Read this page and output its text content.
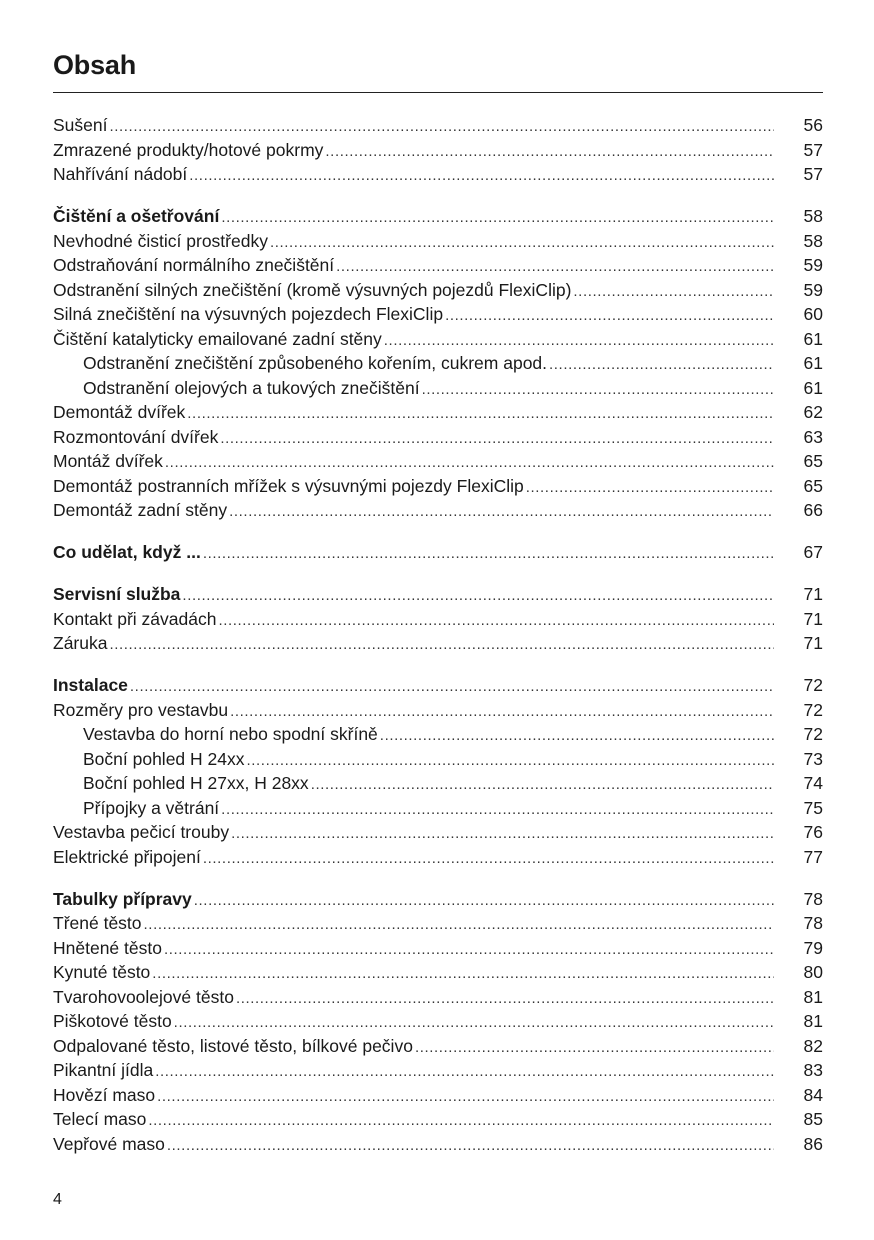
Obsah
Sušení .....	56
Zmrazené produkty/hotové pokrmy .....	57
Nahřívání nádobí .....	57
Čištění a ošetřování .....	58
Nevhodné čisticí prostředky .....	58
Odstraňování normálního znečištění .....	59
Odstranění silných znečištění (kromě výsuvných pojezdů FlexiClip) .....	59
Silná znečištění na výsuvných pojezdech FlexiClip .....	60
Čištění katalyticky emailované zadní stěny .....	61
Odstranění znečištění způsobeného kořením, cukrem apod. .....	61
Odstranění olejových a tukových znečištění .....	61
Demontáž dvířek .....	62
Rozmontování dvířek .....	63
Montáž dvířek .....	65
Demontáž postranních mřížek s výsuvnými pojezdy FlexiClip .....	65
Demontáž zadní stěny .....	66
Co udělat, když ... .....	67
Servisní služba .....	71
Kontakt při závadách .....	71
Záruka .....	71
Instalace .....	72
Rozměry pro vestavbu .....	72
Vestavba do horní nebo spodní skříně .....	72
Boční pohled H 24xx .....	73
Boční pohled H 27xx, H 28xx .....	74
Přípojky a větrání .....	75
Vestavba pečicí trouby .....	76
Elektrické připojení .....	77
Tabulky přípravy .....	78
Třené těsto .....	78
Hnětené těsto .....	79
Kynuté těsto .....	80
Tvarohovoolejové těsto .....	81
Piškotové těsto .....	81
Odpalované těsto, listové těsto, bílkové pečivo .....	82
Pikantní jídla .....	83
Hovězí maso .....	84
Telecí maso .....	85
Vepřové maso .....	86
4
